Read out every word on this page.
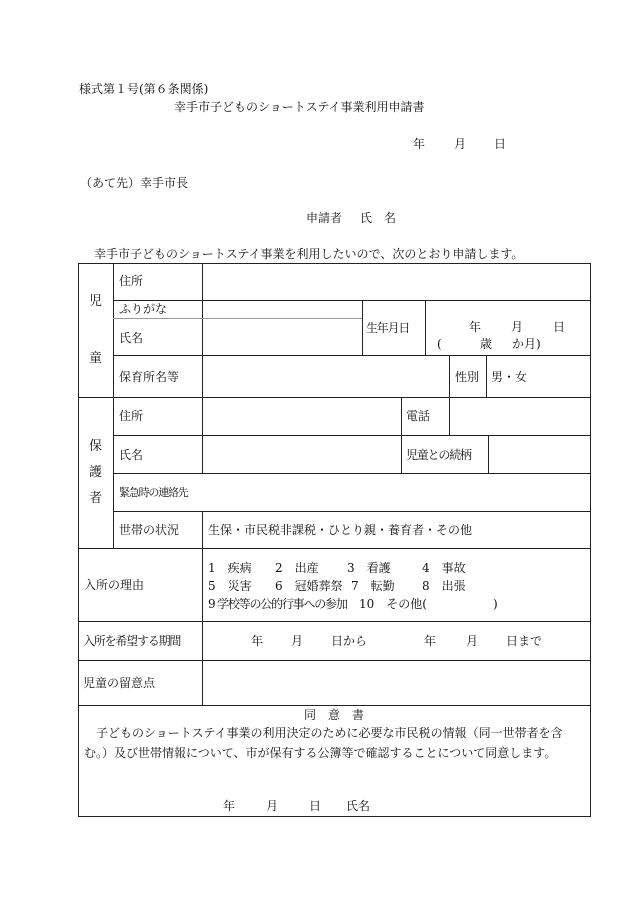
様式第１号(第６条関係)
幸手市子どものショートステイ事業利用申請書
年 月 日
（あて先）幸手市長
申請者 氏　名
幸手市子どものショートステイ事業を利用したいので、次のとおり申請します。
児
童
住所
ふりがな
氏名
生年月日	年 月 日
(	歳 か月)
保育所名等	性別 男・女
保
護
者
住所	電話
氏名	児童との続柄
緊急時の連絡先
世帯の状況 生保・市民税非課税・ひとり親・養育者・その他
入所の理由
1　疾病 2　出産 3　看護	4　事故
5　災害 6　冠婚葬祭 7　転勤 8　出張
9 学校等の公的行事への参加 10　その他(	)
入所を希望する期間	年 月 日から	年 月 日まで
児童の留意点
同　意　書
子どものショートステイ事業の利用決定のために必要な市民税の情報（同一世帯者を含む。）及び世帯情報について、市が保有する公簿等で確認することについて同意します。
年	月	日 氏名
